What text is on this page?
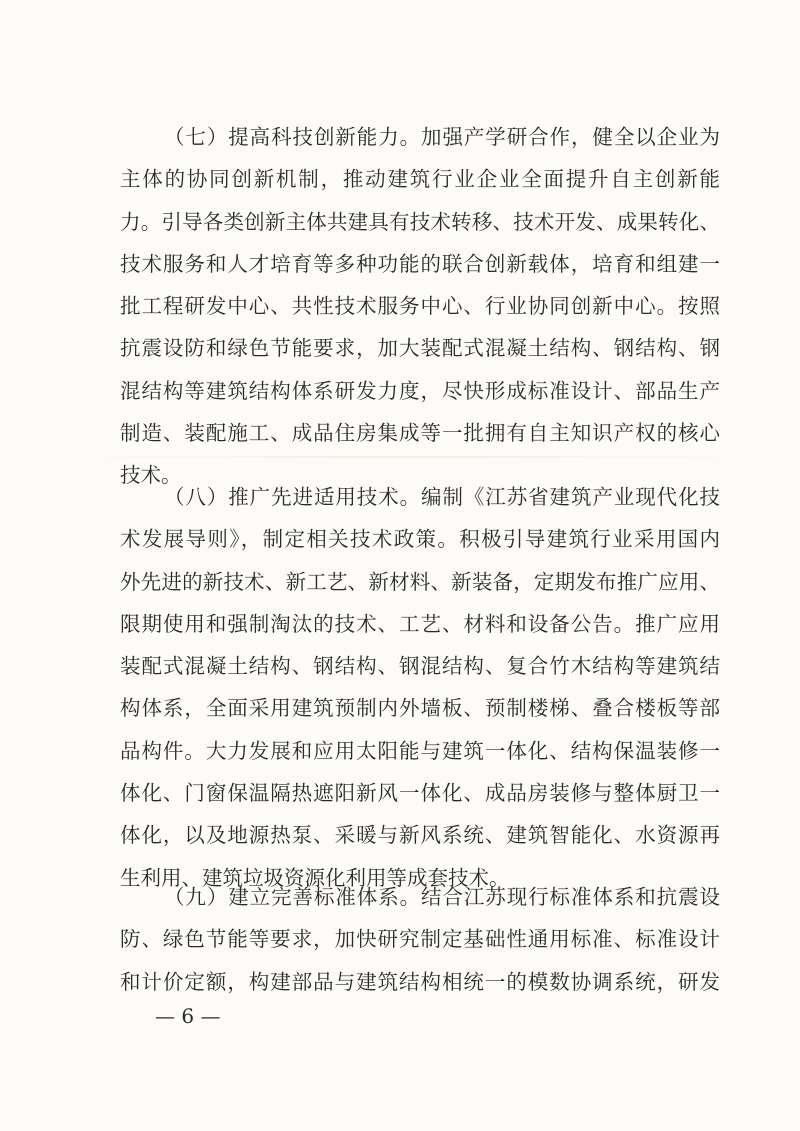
（七）提高科技创新能力。加强产学研合作，健全以企业为
主体的协同创新机制，推动建筑行业企业全面提升自主创新能
力。引导各类创新主体共建具有技术转移、技术开发、成果转化、
技术服务和人才培育等多种功能的联合创新载体，培育和组建一
批工程研发中心、共性技术服务中心、行业协同创新中心。按照
抗震设防和绿色节能要求，加大装配式混凝土结构、钢结构、钢
混结构等建筑结构体系研发力度，尽快形成标准设计、部品生产
制造、装配施工、成品住房集成等一批拥有自主知识产权的核心
技术。
（八）推广先进适用技术。编制《江苏省建筑产业现代化技
术发展导则》，制定相关技术政策。积极引导建筑行业采用国内
外先进的新技术、新工艺、新材料、新装备，定期发布推广应用、
限期使用和强制淘汰的技术、工艺、材料和设备公告。推广应用
装配式混凝土结构、钢结构、钢混结构、复合竹木结构等建筑结
构体系，全面采用建筑预制内外墙板、预制楼梯、叠合楼板等部
品构件。大力发展和应用太阳能与建筑一体化、结构保温装修一
体化、门窗保温隔热遮阳新风一体化、成品房装修与整体厨卫一
体化，以及地源热泵、采暖与新风系统、建筑智能化、水资源再
生利用、建筑垃圾资源化利用等成套技术。
（九）建立完善标准体系。结合江苏现行标准体系和抗震设
防、绿色节能等要求，加快研究制定基础性通用标准、标准设计
和计价定额，构建部品与建筑结构相统一的模数协调系统，研发
— 6 —
